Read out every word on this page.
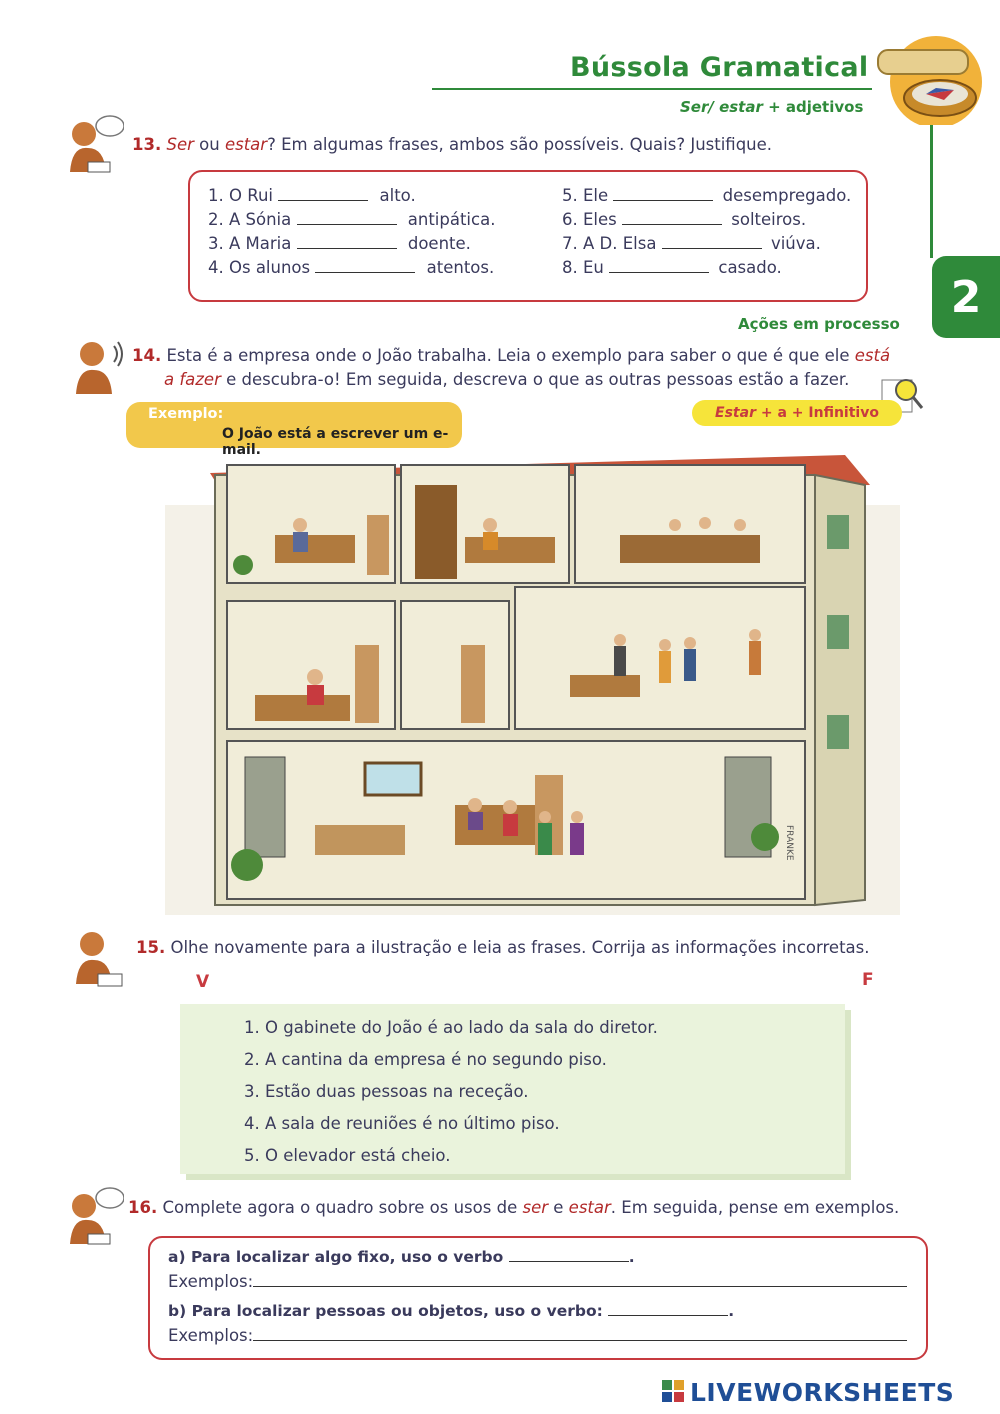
Bússola Gramatical
Ser/ estar + adjetivos
2
13. Ser ou estar? Em algumas frases, ambos são possíveis. Quais? Justifique.
1. O Rui	alto.
2. A Sónia	antipática.
3. A Maria	doente.
4. Os alunos	atentos.
5. Ele	desempregado.
6. Eles	solteiros.
7. A D. Elsa	viúva.
8. Eu	casado.
Ações em processo
14. Esta é a empresa onde o João trabalha. Leia o exemplo para saber o que é que ele está
a fazer e descubra-o! Em seguida, descreva o que as outras pessoas estão a fazer.
Exemplo:
O João está a escrever um e-mail.
Estar + a + Infinitivo
FRANKE
15. Olhe novamente para a ilustração e leia as frases. Corrija as informações incorretas.
V	F
1. O gabinete do João é ao lado da sala do diretor.
2. A cantina da empresa é no segundo piso.
3. Estão duas pessoas na receção.
4. A sala de reuniões é no último piso.
5. O elevador está cheio.
16. Complete agora o quadro sobre os usos de ser e estar. Em seguida, pense em exemplos.
a) Para localizar algo fixo, uso o verbo	.
Exemplos:
b) Para localizar pessoas ou objetos, uso o verbo:	.
Exemplos:
LIVEWORKSHEETS
